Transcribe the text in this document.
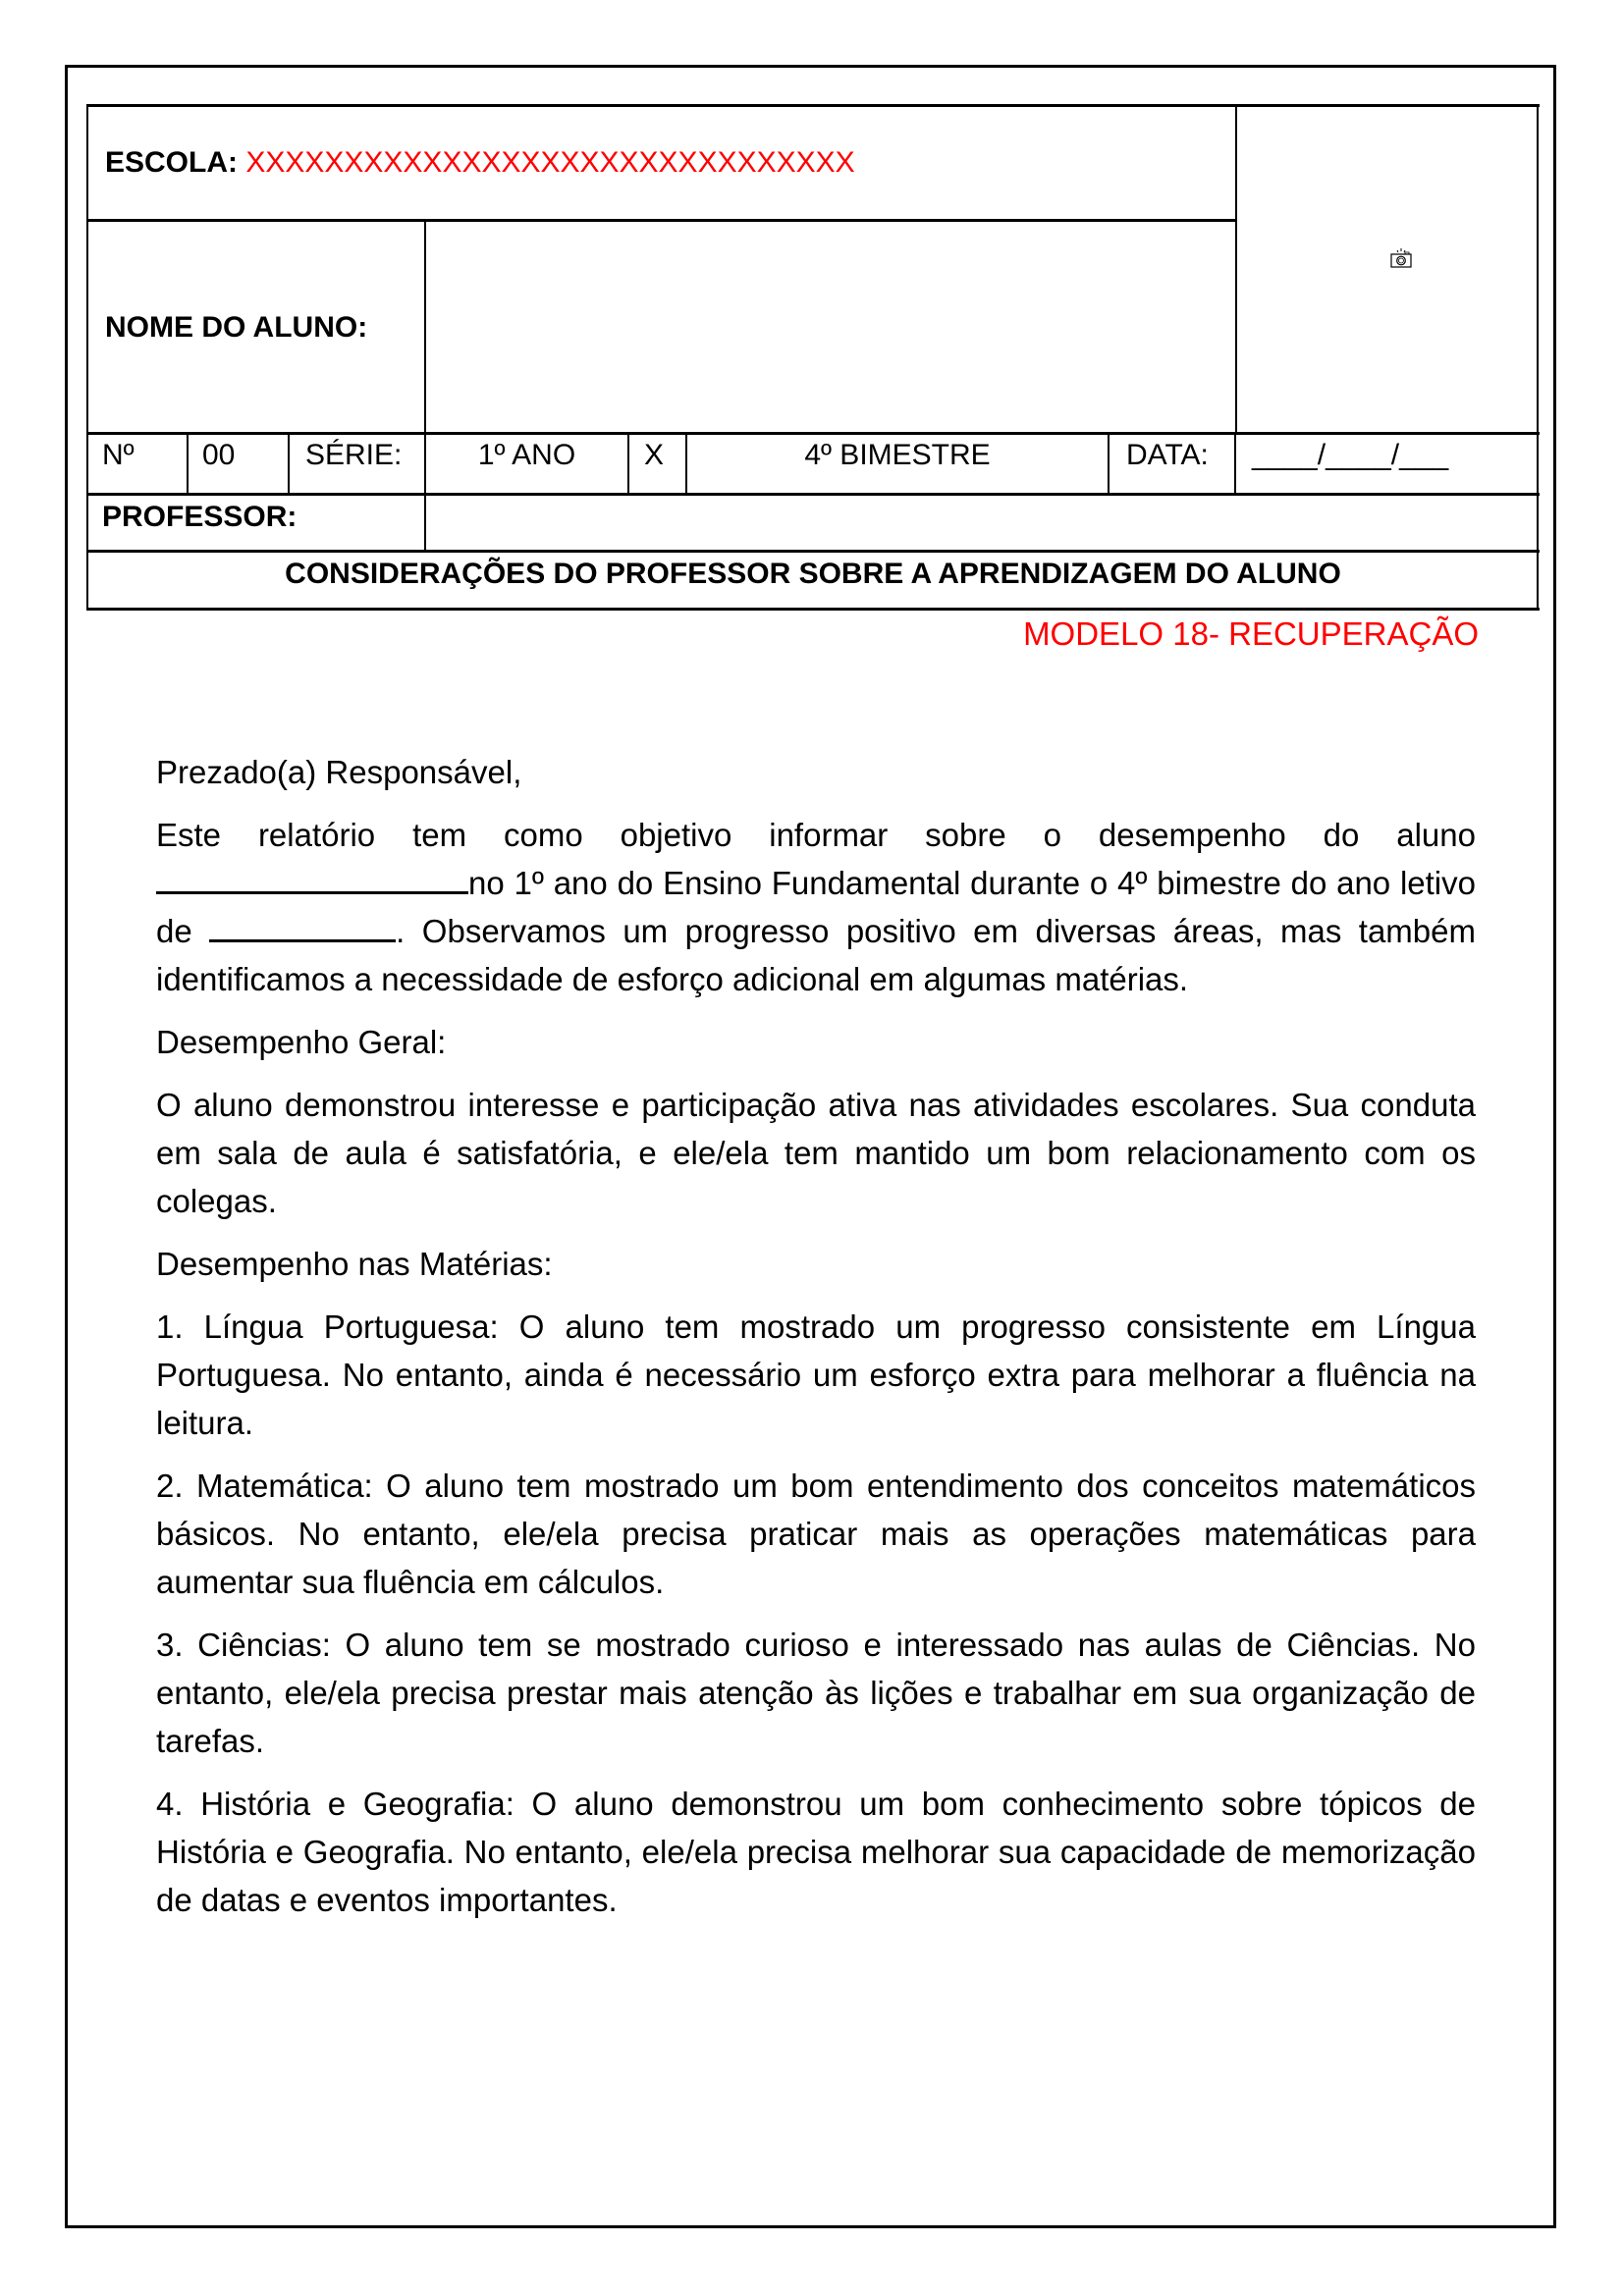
ESCOLA: XXXXXXXXXXXXXXXXXXXXXXXXXXXXXXX
NOME DO ALUNO:
Nº 00 SÉRIE:	1º ANO	X	4º BIMESTRE	DATA: ____/____/___
PROFESSOR:
CONSIDERAÇÕES DO PROFESSOR SOBRE A APRENDIZAGEM DO ALUNO
MODELO 18- RECUPERAÇÃO

Prezado(a) Responsável,

Este relatório tem como objetivo informar sobre o desempenho do aluno no 1º ano do Ensino Fundamental durante o 4º bimestre do ano letivo de	. Observamos um progresso positivo em diversas áreas, mas também identificamos a necessidade de esforço adicional em algumas matérias.

Desempenho Geral:

O aluno demonstrou interesse e participação ativa nas atividades escolares. Sua conduta em sala de aula é satisfatória, e ele/ela tem mantido um bom relacionamento com os colegas.

Desempenho nas Matérias:

1. Língua Portuguesa: O aluno tem mostrado um progresso consistente em Língua Portuguesa. No entanto, ainda é necessário um esforço extra para melhorar a fluência na leitura.

2. Matemática: O aluno tem mostrado um bom entendimento dos conceitos matemáticos básicos. No entanto, ele/ela precisa praticar mais as operações matemáticas para aumentar sua fluência em cálculos.

3. Ciências: O aluno tem se mostrado curioso e interessado nas aulas de Ciências. No entanto, ele/ela precisa prestar mais atenção às lições e trabalhar em sua organização de tarefas.

4. História e Geografia: O aluno demonstrou um bom conhecimento sobre tópicos de História e Geografia. No entanto, ele/ela precisa melhorar sua capacidade de memorização de datas e eventos importantes.
